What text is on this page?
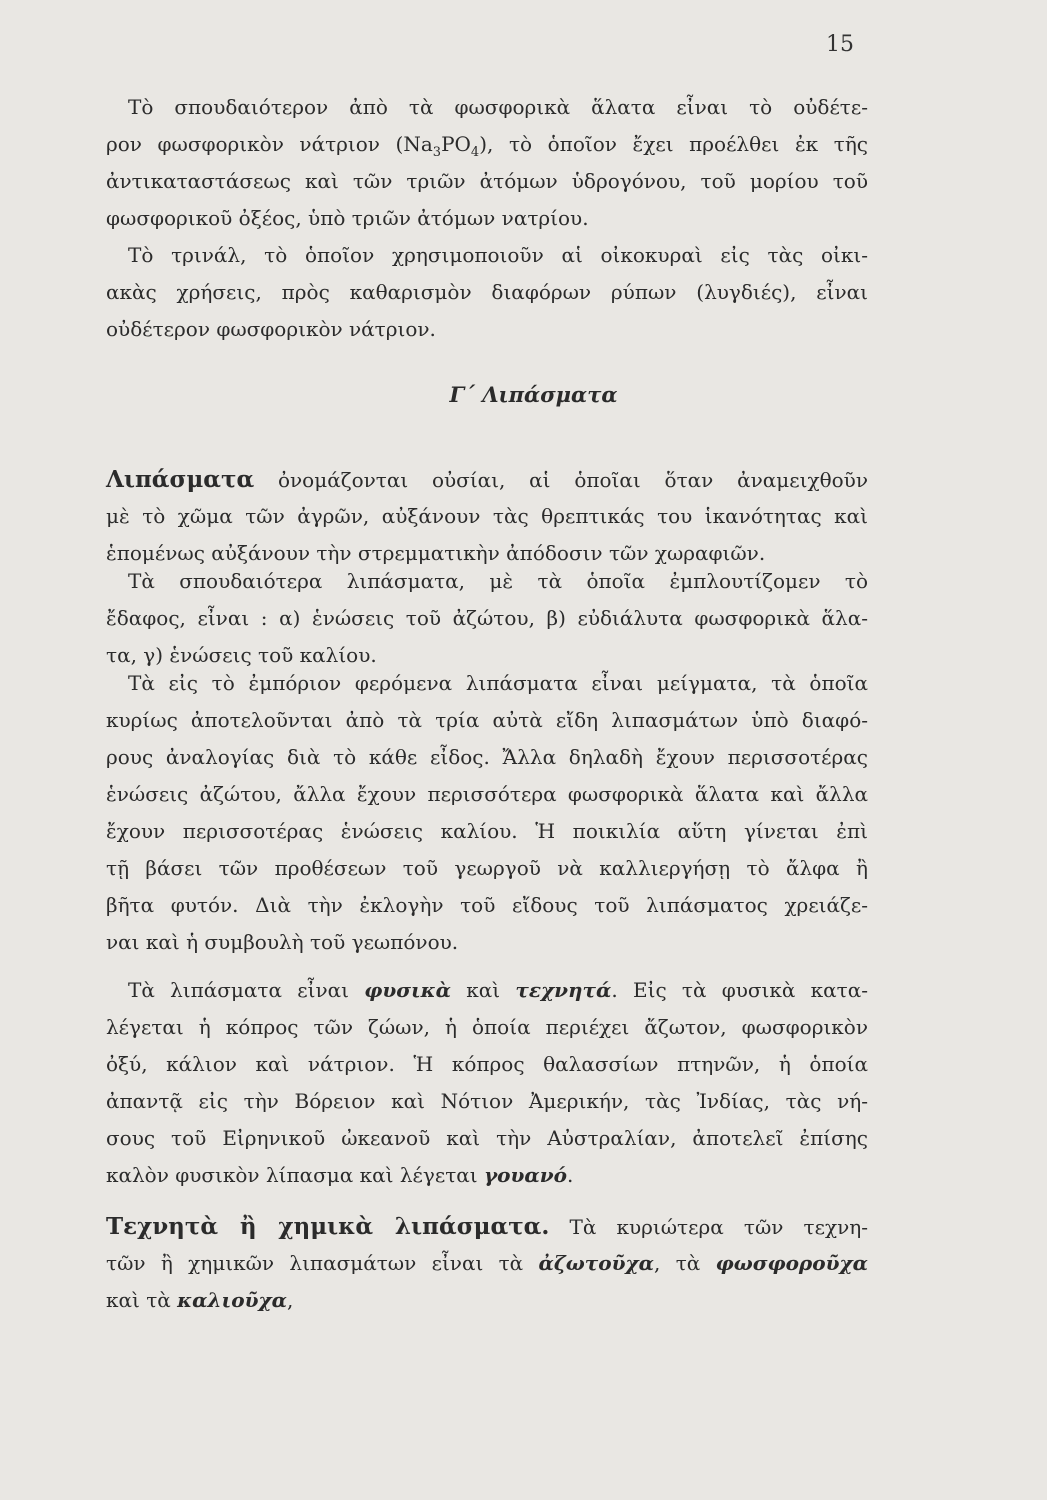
15
Τὸ σπουδαιότερον ἀπὸ τὰ φωσφορικὰ ἅλατα εἶναι τὸ οὐδέτε-
ρον φωσφορικὸν νάτριον $(Na_3PO_4)$, τὸ ὁποῖον ἔχει προέλθει ἐκ τῆς
ἀντικαταστάσεως καὶ τῶν τριῶν ἀτόμων ὑδρογόνου, τοῦ μορίου τοῦ
φωσφορικοῦ ὀξέος, ὑπὸ τριῶν ἀτόμων νατρίου.
Τὸ τρινάλ, τὸ ὁποῖον χρησιμοποιοῦν αἱ οἰκοκυραὶ εἰς τὰς οἰκι-
ακὰς χρήσεις, πρὸς καθαρισμὸν διαφόρων ρύπων (λυγδιές), εἶναι
οὐδέτερον φωσφορικὸν νάτριον.
Γ΄ Λιπάσματα
Λιπάσματα ὀνομάζονται οὐσίαι, αἱ ὁποῖαι ὅταν ἀναμειχθοῦν
μὲ τὸ χῶμα τῶν ἀγρῶν, αὐξάνουν τὰς θρεπτικάς του ἱκανότητας καὶ
ἑπομένως αὐξάνουν τὴν στρεμματικὴν ἀπόδοσιν τῶν χωραφιῶν.
Τὰ σπουδαιότερα λιπάσματα, μὲ τὰ ὁποῖα ἐμπλουτίζομεν τὸ
ἔδαφος, εἶναι : α) ἑνώσεις τοῦ ἀζώτου, β) εὐδιάλυτα φωσφορικὰ ἅλα-
τα, γ) ἑνώσεις τοῦ καλίου.
Τὰ εἰς τὸ ἐμπόριον φερόμενα λιπάσματα εἶναι μείγματα, τὰ ὁποῖα
κυρίως ἀποτελοῦνται ἀπὸ τὰ τρία αὐτὰ εἴδη λιπασμάτων ὑπὸ διαφό-
ρους ἀναλογίας διὰ τὸ κάθε εἶδος. Ἄλλα δηλαδὴ ἔχουν περισσοτέρας
ἑνώσεις ἀζώτου, ἄλλα ἔχουν περισσότερα φωσφορικὰ ἅλατα καὶ ἄλλα
ἔχουν περισσοτέρας ἑνώσεις καλίου. Ἡ ποικιλία αὕτη γίνεται ἐπὶ
τῇ βάσει τῶν προθέσεων τοῦ γεωργοῦ νὰ καλλιεργήσῃ τὸ ἄλφα ἢ
βῆτα φυτόν. Διὰ τὴν ἐκλογὴν τοῦ εἴδους τοῦ λιπάσματος χρειάζε-
ναι καὶ ἡ συμβουλὴ τοῦ γεωπόνου.
Τὰ λιπάσματα εἶναι φυσικὰ καὶ τεχνητά. Εἰς τὰ φυσικὰ κατα-
λέγεται ἡ κόπρος τῶν ζώων, ἡ ὁποία περιέχει ἄζωτον, φωσφορικὸν
ὀξύ, κάλιον καὶ νάτριον. Ἡ κόπρος θαλασσίων πτηνῶν, ἡ ὁποία
ἀπαντᾷ εἰς τὴν Βόρειον καὶ Νότιον Ἀμερικήν, τὰς Ἰνδίας, τὰς νή-
σους τοῦ Εἰρηνικοῦ ὠκεανοῦ καὶ τὴν Αὐστραλίαν, ἀποτελεῖ ἐπίσης
καλὸν φυσικὸν λίπασμα καὶ λέγεται γουανό.
Τεχνητὰ ἢ χημικὰ λιπάσματα. Τὰ κυριώτερα τῶν τεχνη-
τῶν ἢ χημικῶν λιπασμάτων εἶναι τὰ ἀζωτοῦχα, τὰ φωσφοροῦχα
καὶ τὰ καλιοῦχα,
